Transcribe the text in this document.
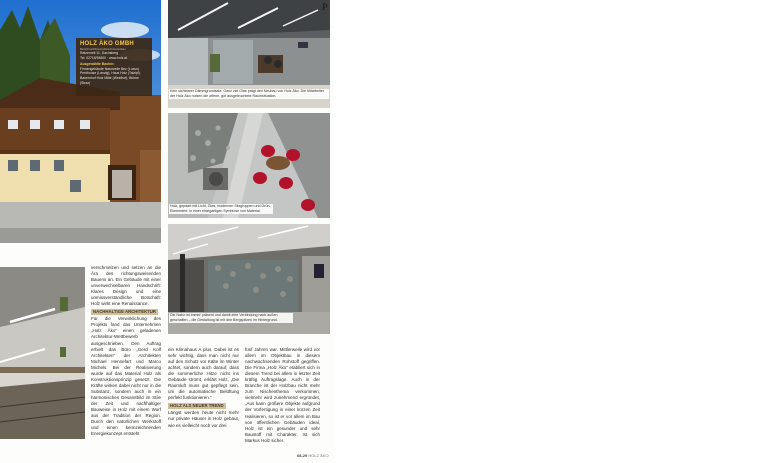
HOLZ ÄKO GMBH
Bereich Holz/Konstruktion/Innenausbau
Ratzenreit 11, Dachsberg
Tel. 02718/94800 · www.holz.at
Ausgewählte Bauten:
Firmengebäude Naturzeile Bez (Luxus) Penthouse (Lanzig), Haus Holz (Talzipf), Bauernhof Holz Mitte (Weidhof), Bühne (Straz)
Kein sichtbarer Dämmgrundsatz: Ganz viel Glas prägt den Neubau von Holz Äko. Die Mitarbeiter der Holz Äko nutzen die offene, gut ausgeleuchtete Raumsituation.
P
Holz, gepaart mit Licht, Glas, modernen Sitzgruppen und Grün-Elementen: in einer einzigartigen Symbiose von Material.
Die Natur ist immer präsent und damit eine Verbindung nach außen geschaffen – die Gestaltung ist mit den Bergspitzen im Hintergrund.

verschmelzen und setzen an die Ära des richtungsweisenden Bauens an. Ein Gebäude mit einer unverwechselbaren Handschrift: Klares Design und eine unmissverständliche Botschaft: Holz wirkt eine Renaissance.

NACHHALTIGE ARCHITEKTUR

Für die Verwirklichung des Projekts fand das Unternehmen „Holz Äko“ einen geladenen Architektur-Wettbewerb ausgeschrieben. Den Auftrag erhielt das Büro „Gerd Kolf Architekten“ der Architekten Michael Hennefart und Marco Michels. Bei der Realisierung wurde auf das Material Holz als Konstruktionsprinzip gesetzt. Die Kräfte wirken dabei nicht nur in die Substanz, sondern auch in ein harmonisches Gesamtbild im Stile der Zeit und nachhaltiger Bauweise in Holz mit einem Wurf aus der Tradition der Region. Durch den natürlichen Werkstoff und einen kennzeichnenden Energiekonzept entsteht

ein Klimahaus A plus. Dabei ist es sehr wichtig, dass man nicht nur auf den Schutz vor Kälte im Winter achtet, sondern auch darauf, dass die sommerliche Hitze nicht ins Gebäude strömt, erklärt Holz, „Die Raumluft muss gut gepflegt sein, um die automatische Belüftung perfekt funktionieren.“

HOLZ ALS NEUER TREND

Längst werden heute nicht mehr nur private Häuser in Holz gebaut, wie es vielleicht noch vor drei

fünf Jahren war. Mittlerweile wird vor allem im Objektbau in diesem nachwachsenden Rohstoff gegriffen. Die Firma „Holz Äko“ etabliert sich in diesem Trend bei allem in letzter Zeit kräftig Auftragslage. Auch in der Branche ist der Holzbau nicht mehr zum Nischenthema verkommen, vielmehr wird zunehmend ergründet, „Aus kann größere Objekte aufgrund der Vorfertigung in einer kürzen Zeit realisieren, so ist er vor allem im Bau von öffentlichen Gebäuden ideal, Holz ist ein gesunder und sehr Baustoff mit Charakter. Ist sich Markus Holz sicher.

68-29 HOLZ ÄKO
